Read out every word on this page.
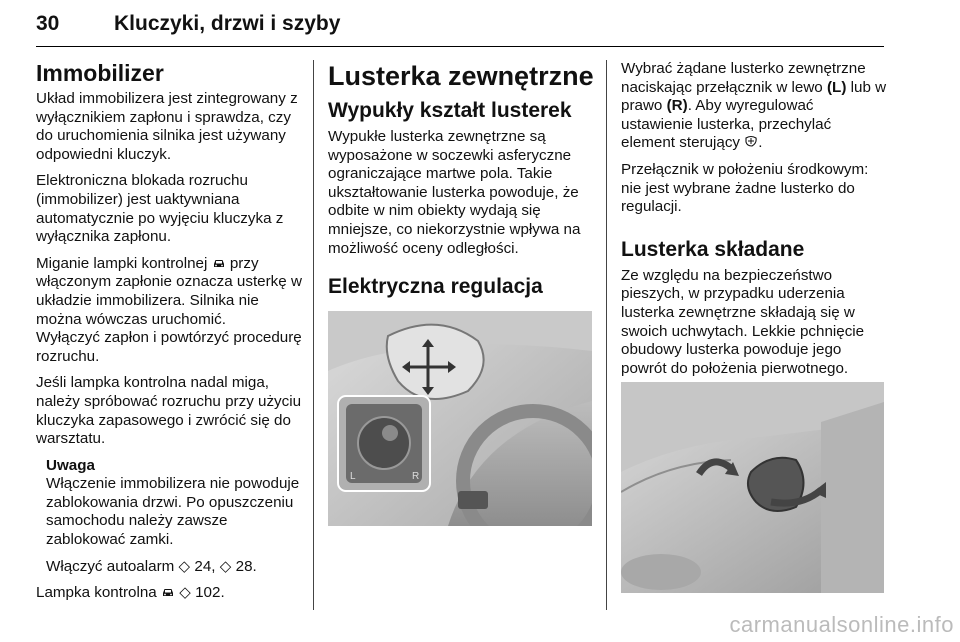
30	Kluczyki, drzwi i szyby
Immobilizer

Układ immobilizera jest zintegrowany z wyłącznikiem zapłonu i sprawdza, czy do uruchomienia silnika jest używany odpowiedni kluczyk.

Elektroniczna blokada rozruchu (immobilizer) jest uaktywniana automatycznie po wyjęciu kluczyka z wyłącznika zapłonu.

Miganie lampki kontrolnej przy włączonym zapłonie oznacza usterkę w układzie immobilizera. Silnika nie można wówczas uruchomić.

Wyłączyć zapłon i powtórzyć procedurę rozruchu.

Jeśli lampka kontrolna nadal miga, należy spróbować rozruchu przy użyciu kluczyka zapasowego i zwrócić się do warsztatu.

Uwaga

Włączenie immobilizera nie powoduje zablokowania drzwi. Po opuszczeniu samochodu należy zawsze zablokować zamki.

Włączyć autoalarm ◇ 24, ◇ 28.

Lampka kontrolna ◇ 102.

Lusterka zewnętrzne
Wypukły kształt lusterek

Wypukłe lusterka zewnętrzne są wyposażone w soczewki asferyczne ograniczające martwe pola. Takie ukształtowanie lusterka powoduje, że odbite w nim obiekty wydają się mniejsze, co niekorzystnie wpływa na możliwość oceny odległości.

Elektryczna regulacja
L	R

Wybrać żądane lusterko zewnętrzne naciskając przełącznik w lewo (L) lub w prawo (R). Aby wyregulować ustawienie lusterka, przechylać element sterujący .

Przełącznik w położeniu środkowym: nie jest wybrane żadne lusterko do regulacji.

Lusterka składane

Ze względu na bezpieczeństwo pieszych, w przypadku uderzenia lusterka zewnętrzne składają się w swoich uchwytach. Lekkie pchnięcie obudowy lusterka powoduje jego powrót do położenia pierwotnego.

carmanualsonline.info
